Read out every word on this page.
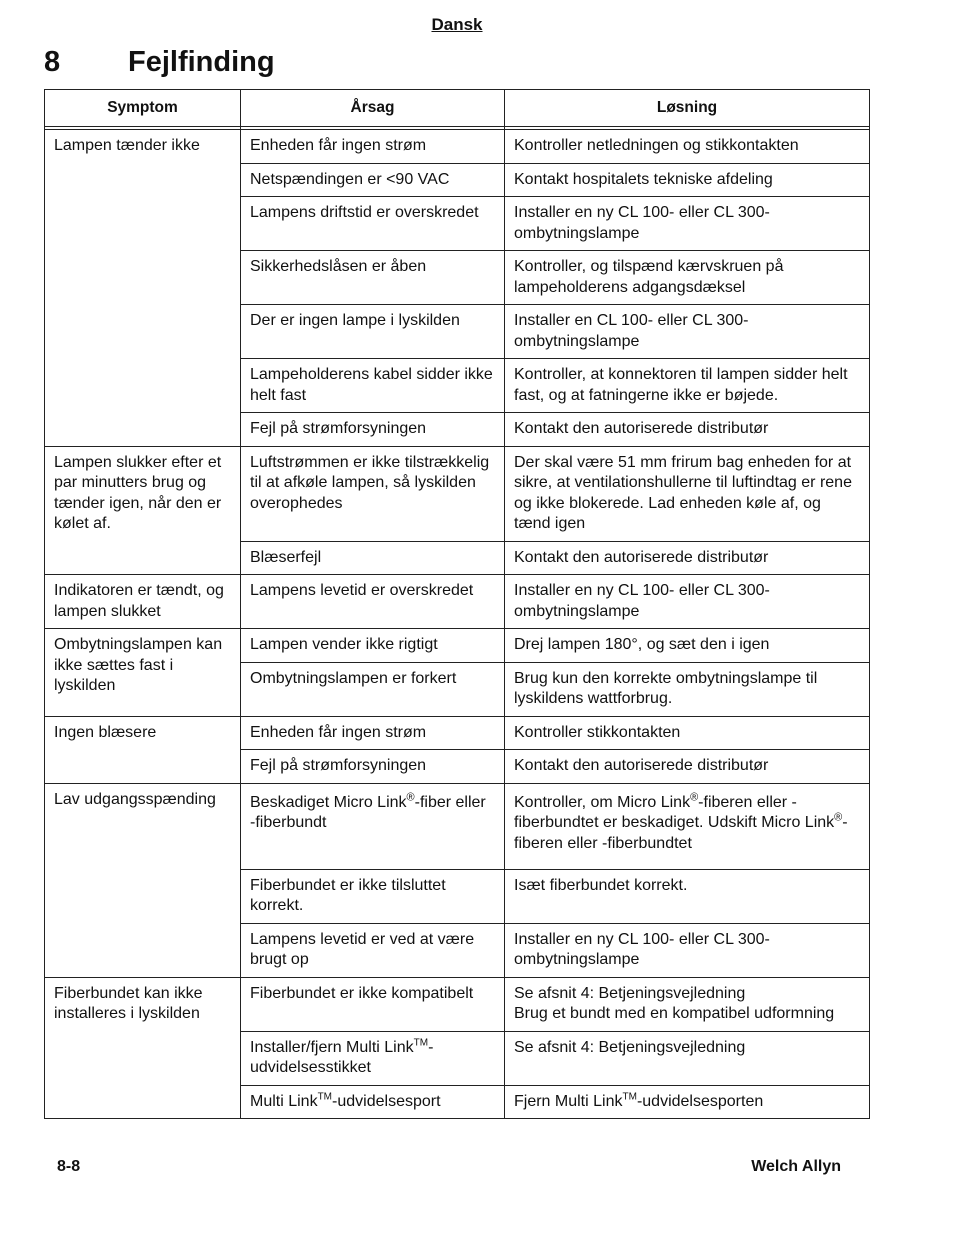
Dansk
8 Fejlfinding
Symptom	Årsag	Løsning

Lampen tænder ikke	Enheden får ingen strøm	Kontroller netledningen og stikkontakten

	Netspændingen er <90 VAC	Kontakt hospitalets tekniske afdeling

	Lampens driftstid er overskredet	Installer en ny CL 100- eller CL 300-ombytningslampe

	Sikkerhedslåsen er åben	Kontroller, og tilspænd kærvskruen på lampeholderens adgangsdæksel

	Der er ingen lampe i lyskilden	Installer en CL 100- eller CL 300-ombytningslampe

	Lampeholderens kabel sidder ikke helt fast	Kontroller, at konnektoren til lampen sidder helt fast, og at fatningerne ikke er bøjede.

	Fejl på strømforsyningen	Kontakt den autoriserede distributør

Lampen slukker efter et par minutters brug og tænder igen, når den er kølet af.	Luftstrømmen er ikke tilstrækkelig til at afkøle lampen, så lyskilden overophedes	Der skal være 51 mm frirum bag enheden for at sikre, at ventilationshullerne til luftindtag er rene og ikke blokerede. Lad enheden køle af, og tænd igen

	Blæserfejl	Kontakt den autoriserede distributør

Indikatoren er tændt, og lampen slukket	Lampens levetid er overskredet	Installer en ny CL 100- eller CL 300-ombytningslampe

Ombytningslampen kan ikke sættes fast i lyskilden	Lampen vender ikke rigtigt	Drej lampen 180°, og sæt den i igen

	Ombytningslampen er forkert	Brug kun den korrekte ombytningslampe til lyskildens wattforbrug.

Ingen blæsere	Enheden får ingen strøm	Kontroller stikkontakten

	Fejl på strømforsyningen	Kontakt den autoriserede distributør

Lav udgangsspænding	Beskadiget Micro Link®-fiber eller -fiberbundt	Kontroller, om Micro Link®-fiberen eller -fiberbundtet er beskadiget. Udskift Micro Link®-fiberen eller -fiberbundtet

	Fiberbundet er ikke tilsluttet korrekt.	Isæt fiberbundet korrekt.

	Lampens levetid er ved at være brugt op	Installer en ny CL 100- eller CL 300-ombytningslampe

Fiberbundet kan ikke installeres i lyskilden	Fiberbundet er ikke kompatibelt	Se afsnit 4: Betjeningsvejledning
Brug et bundt med en kompatibel udformning

	Installer/fjern Multi Link™-udvidelsesstikket	Se afsnit 4: Betjeningsvejledning

	Multi Link™-udvidelsesport	Fjern Multi Link™-udvidelsesporten
8-8	Welch Allyn
